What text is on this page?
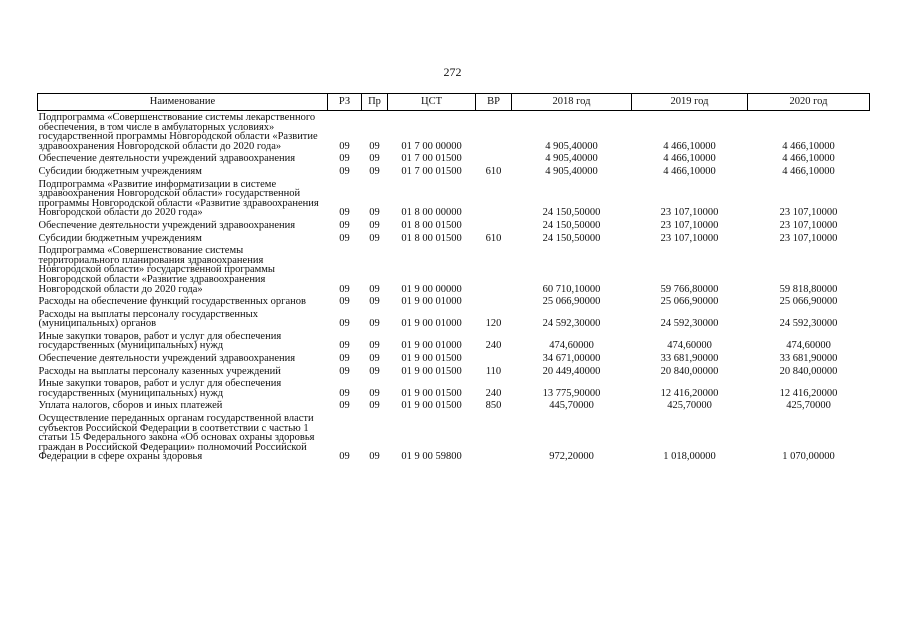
272
Наименование	РЗ	Пр	ЦСТ	ВР	2018 год	2019 год	2020 год
Подпрограмма «Совершенствование системы лекарственного обеспечения, в том числе в амбулаторных условиях» государственной программы Новгородской области «Развитие здравоохранения Новгородской области до 2020 года»	09	09	01 7 00 00000		4 905,40000	4 466,10000	4 466,10000
Обеспечение деятельности учреждений здравоохранения	09	09	01 7 00 01500		4 905,40000	4 466,10000	4 466,10000
Субсидии бюджетным учреждениям	09	09	01 7 00 01500	610	4 905,40000	4 466,10000	4 466,10000
Подпрограмма «Развитие информатизации в системе здравоохранения Новгородской области» государственной программы Новгородской области «Развитие здравоохранения Новгородской области до 2020 года»	09	09	01 8 00 00000		24 150,50000	23 107,10000	23 107,10000
Обеспечение деятельности учреждений здравоохранения	09	09	01 8 00 01500		24 150,50000	23 107,10000	23 107,10000
Субсидии бюджетным учреждениям	09	09	01 8 00 01500	610	24 150,50000	23 107,10000	23 107,10000
Подпрограмма «Совершенствование системы территориального планирования здравоохранения Новгородской области» государственной программы Новгородской области «Развитие здравоохранения Новгородской области до 2020 года»	09	09	01 9 00 00000		60 710,10000	59 766,80000	59 818,80000
Расходы на обеспечение функций государственных органов	09	09	01 9 00 01000		25 066,90000	25 066,90000	25 066,90000
Расходы на выплаты персоналу государственных (муниципальных) органов	09	09	01 9 00 01000	120	24 592,30000	24 592,30000	24 592,30000
Иные закупки товаров, работ и услуг для обеспечения государственных (муниципальных) нужд	09	09	01 9 00 01000	240	474,60000	474,60000	474,60000
Обеспечение деятельности учреждений здравоохранения	09	09	01 9 00 01500		34 671,00000	33 681,90000	33 681,90000
Расходы на выплаты персоналу казенных учреждений	09	09	01 9 00 01500	110	20 449,40000	20 840,00000	20 840,00000
Иные закупки товаров, работ и услуг для обеспечения государственных (муниципальных) нужд	09	09	01 9 00 01500	240	13 775,90000	12 416,20000	12 416,20000
Уплата налогов, сборов и иных платежей	09	09	01 9 00 01500	850	445,70000	425,70000	425,70000
Осуществление переданных органам государственной власти субъектов Российской Федерации в соответствии с частью 1 статьи 15 Федерального закона «Об основах охраны здоровья граждан в Российской Федерации» полномочий Российской Федерации в сфере охраны здоровья	09	09	01 9 00 59800		972,20000	1 018,00000	1 070,00000
